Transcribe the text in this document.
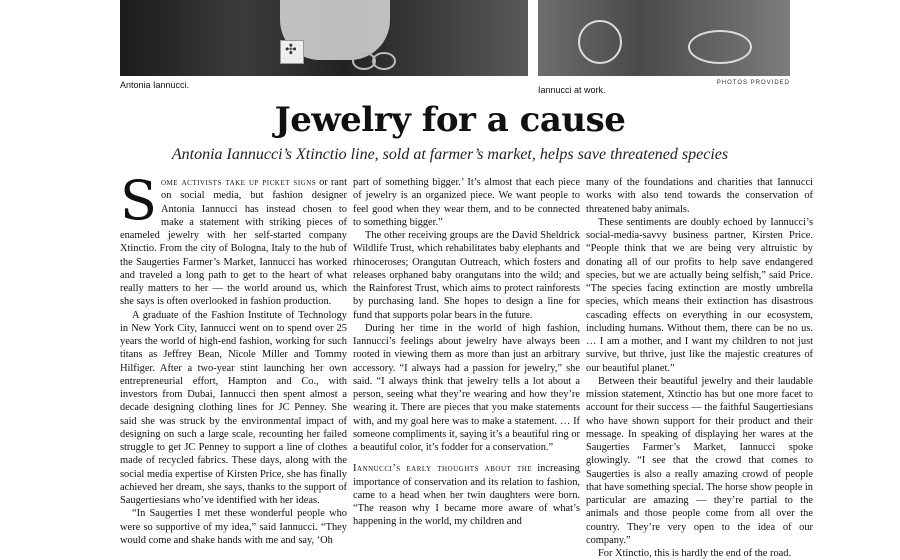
✣
Antonia Iannucci.	Iannucci at work.
PHOTOS PROVIDED
Jewelry for a cause
Antonia Iannucci’s Xtinctio line, sold at farmer’s market, helps save threatened species

Some activists take up picket signs or rant on social media, but fashion designer Antonia Iannucci has instead chosen to make a statement with striking pieces of enameled jewelry with her self-started company Xtinctio. From the city of Bologna, Italy to the hub of the Saugerties Farmer’s Market, Iannucci has worked and traveled a long path to get to the heart of what really matters to her — the world around us, which she says is often overlooked in fashion production.

A graduate of the Fashion Institute of Technology in New York City, Iannucci went on to spend over 25 years the world of high-end fashion, working for such titans as Jeffrey Bean, Nicole Miller and Tommy Hilfiger. After a two-year stint launching her own entrepreneurial effort, Hampton and Co., with investors from Dubai, Iannucci then spent almost a decade designing clothing lines for JC Penney. She said she was struck by the environmental impact of designing on such a large scale, recounting her failed struggle to get JC Penney to support a line of clothes made of recycled fabrics. These days, along with the social media expertise of Kirsten Price, she has finally achieved her dream, she says, thanks to the support of Saugertiesians who’ve identified with her ideas.

“In Saugerties I met these wonderful people who were so supportive of my idea,” said Iannucci. “They would come and shake hands with me and say, ‘Oh

part of something bigger.’ It’s almost that each piece of jewelry is an organized piece. We want people to feel good when they wear them, and to be connected to something bigger.”

The other receiving groups are the David Sheldrick Wildlife Trust, which rehabilitates baby elephants and rhinoceroses; Orangutan Outreach, which fosters and releases orphaned baby orangutans into the wild; and the Rainforest Trust, which aims to protect rainforests by purchasing land. She hopes to design a line for fund that supports polar bears in the future.

During her time in the world of high fashion, Iannucci’s feelings about jewelry have always been rooted in viewing them as more than just an arbitrary accessory. “I always had a passion for jewelry,” she said. “I always think that jewelry tells a lot about a person, seeing what they’re wearing and how they’re wearing it. There are pieces that you make statements with, and my goal here was to make a statement. … If someone compliments it, saying it’s a beautiful ring or a beautiful color, it’s fodder for a conservation.”

Iannucci’s early thoughts about the increasing importance of conservation and its relation to fashion, came to a head when her twin daughters were born. “The reason why I became more aware of what’s happening in the world, my children and

many of the foundations and charities that Iannucci works with also tend towards the conservation of threatened baby animals.

These sentiments are doubly echoed by Iannucci’s social-media-savvy business partner, Kirsten Price. “People think that we are being very altruistic by donating all of our profits to help save endangered species, but we are actually being selfish,” said Price. “The species facing extinction are mostly umbrella species, which means their extinction has disastrous cascading effects on everything in our ecosystem, including humans. Without them, there can be no us. … I am a mother, and I want my children to not just survive, but thrive, just like the majestic creatures of our beautiful planet.”

Between their beautiful jewelry and their laudable mission statement, Xtinctio has but one more facet to account for their success — the faithful Saugertiesians who have shown support for their product and their message. In speaking of displaying her wares at the Saugerties Farmer’s Market, Iannucci spoke glowingly. “I see that the crowd that comes to Saugerties is also a really amazing crowd of people that have something special. The horse show people in particular are amazing — they’re partial to the animals and those people come from all over the country. They’re very open to the idea of our company.”

For Xtinctio, this is hardly the end of the road.
